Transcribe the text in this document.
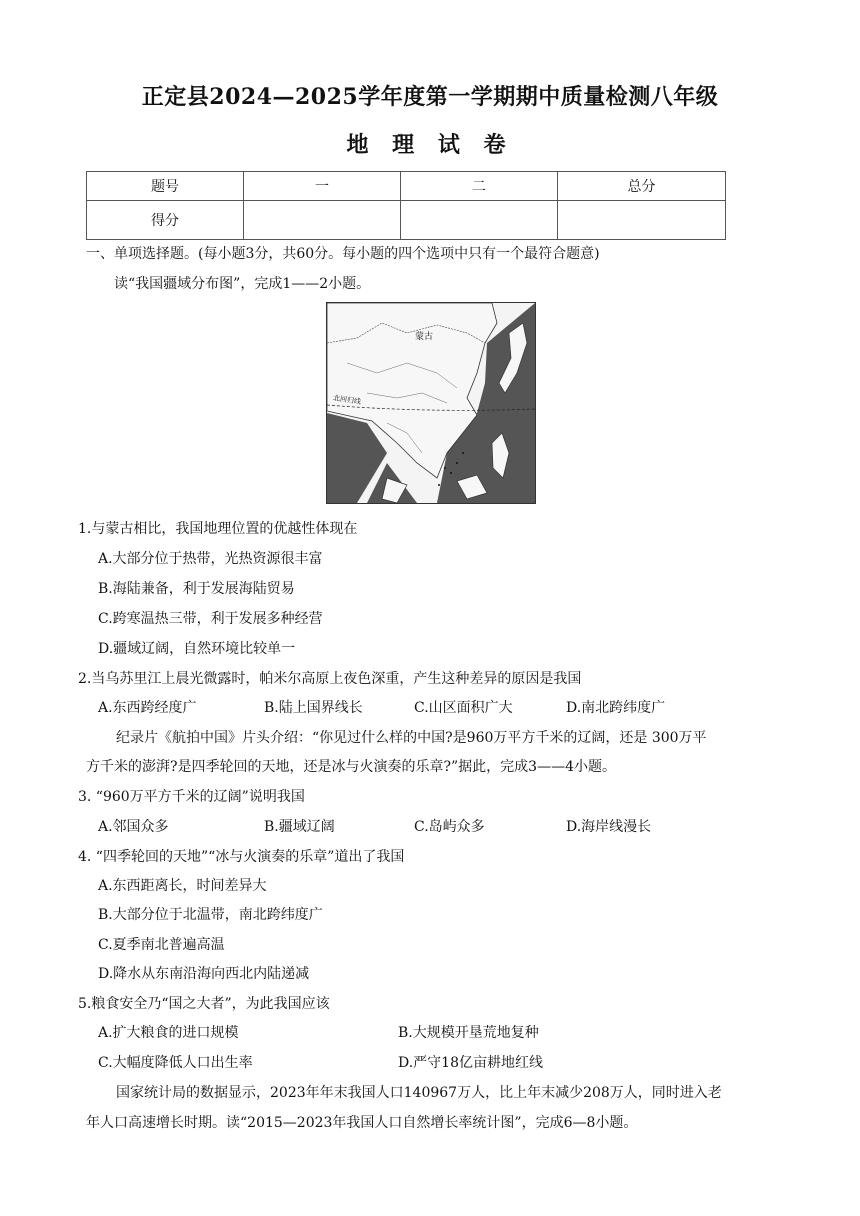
正定县2024—2025学年度第一学期期中质量检测八年级
地 理 试 卷
题号	一	二	总分
得分			
一、单项选择题。(每小题3分，共60分。每小题的四个选项中只有一个最符合题意)
读“我国疆域分布图”，完成1——2小题。
蒙古
北回归线
1.与蒙古相比，我国地理位置的优越性体现在
A.大部分位于热带，光热资源很丰富
B.海陆兼备，利于发展海陆贸易
C.跨寒温热三带，利于发展多种经营
D.疆域辽阔，自然环境比较单一
2.当乌苏里江上晨光微露时，帕米尔高原上夜色深重，产生这种差异的原因是我国
A.东西跨经度广	B.陆上国界线长	C.山区面积广大	D.南北跨纬度广
纪录片《航拍中国》片头介绍：“你见过什么样的中国?是960万平方千米的辽阔，还是 300万平
方千米的澎湃?是四季轮回的天地，还是冰与火演奏的乐章?”据此，完成3——4小题。
3. “960万平方千米的辽阔”说明我国
A.邻国众多	B.疆域辽阔	C.岛屿众多	D.海岸线漫长
4. “四季轮回的天地”“冰与火演奏的乐章”道出了我国
A.东西距离长，时间差异大
B.大部分位于北温带，南北跨纬度广
C.夏季南北普遍高温
D.降水从东南沿海向西北内陆递减
5.粮食安全乃“国之大者”，为此我国应该
A.扩大粮食的进口规模	B.大规模开垦荒地复种
C.大幅度降低人口出生率	D.严守18亿亩耕地红线
国家统计局的数据显示，2023年年末我国人口140967万人，比上年末减少208万人，同时进入老
年人口高速增长时期。读“2015—2023年我国人口自然增长率统计图”，完成6—8小题。
